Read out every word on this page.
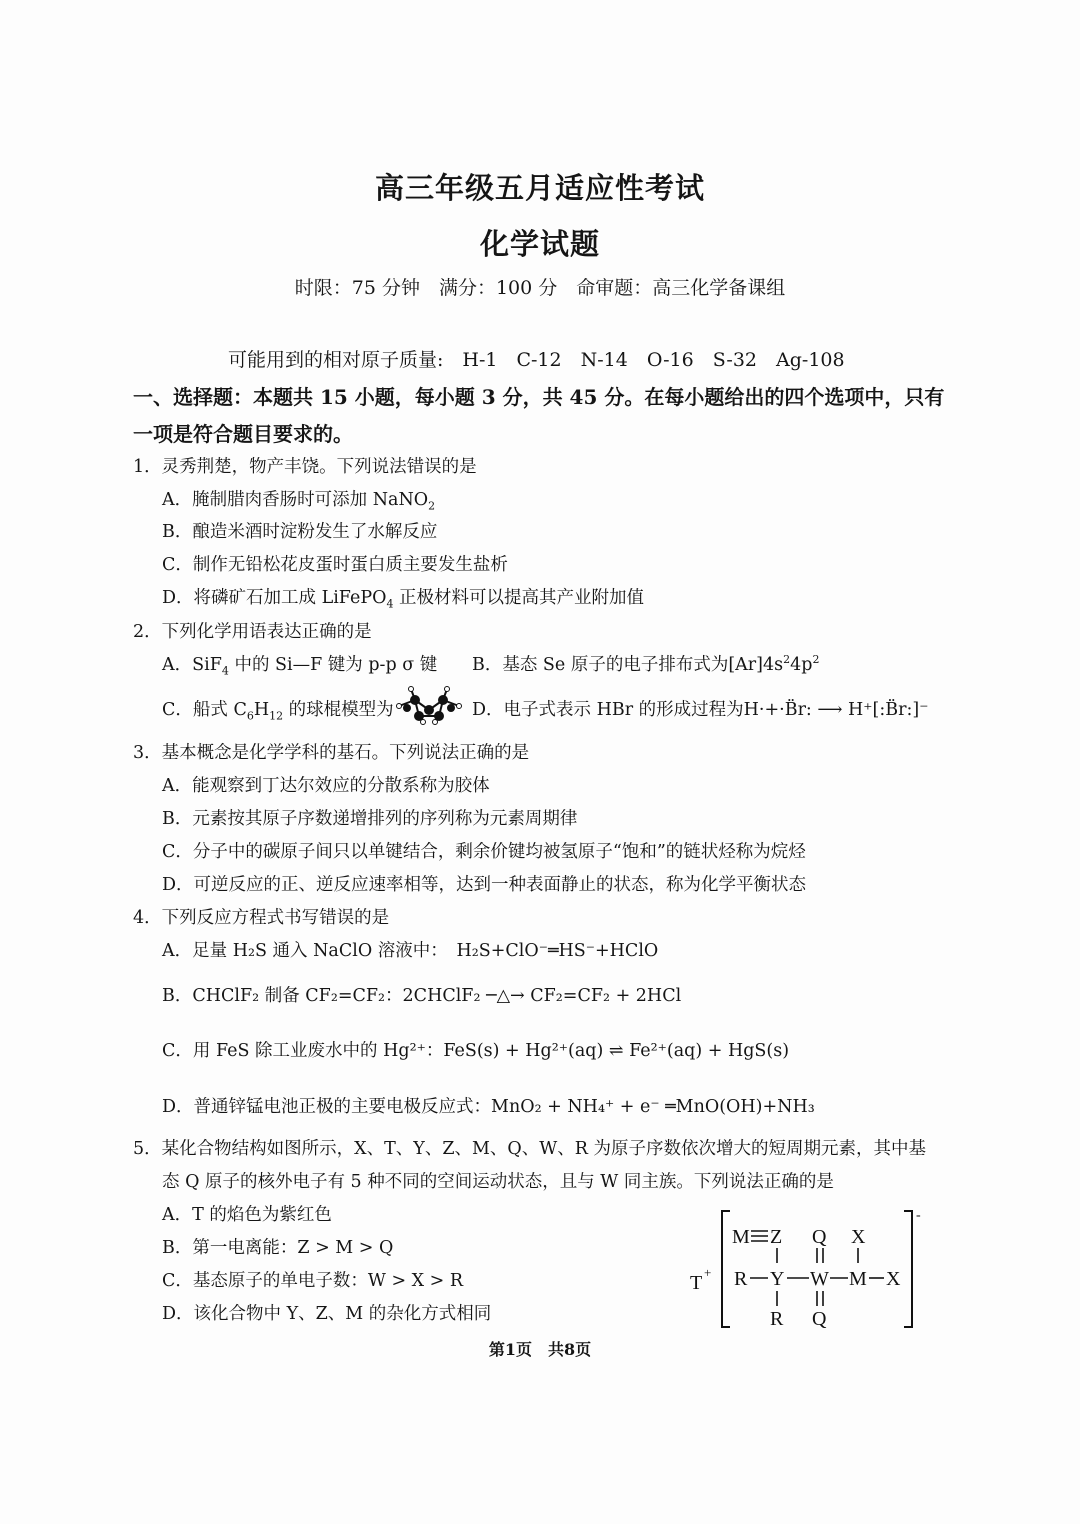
高三年级五月适应性考试
化学试题
时限：75 分钟　满分：100 分　命审题：高三化学备课组
可能用到的相对原子质量:　H-1　C-12　N-14　O-16　S-32　Ag-108
一、选择题：本题共 15 小题，每小题 3 分，共 45 分。在每小题给出的四个选项中，只有
一项是符合题目要求的。
1．灵秀荆楚，物产丰饶。下列说法错误的是
A．腌制腊肉香肠时可添加 NaNO$_2$
B．酿造米酒时淀粉发生了水解反应
C．制作无铅松花皮蛋时蛋白质主要发生盐析
D．将磷矿石加工成 LiFePO$_4$ 正极材料可以提高其产业附加值
2．下列化学用语表达正确的是
A．SiF$_4$ 中的 Si—F 键为 p-p σ 键 B．基态 Se 原子的电子排布式为$[Ar]4s^24p^2$
C．船式 $C_6H_{12}$ 的球棍模型为	D．电子式表示 HBr 的形成过程为H·+·B̈r: ⟶ H⁺[:B̈r:]⁻
3．基本概念是化学学科的基石。下列说法正确的是
A．能观察到丁达尔效应的分散系称为胶体
B．元素按其原子序数递增排列的序列称为元素周期律
C．分子中的碳原子间只以单键结合，剩余价键均被氢原子“饱和”的链状烃称为烷烃
D．可逆反应的正、逆反应速率相等，达到一种表面静止的状态，称为化学平衡状态
4．下列反应方程式书写错误的是
A．足量 H₂S 通入 NaClO 溶液中：　H₂S+ClO⁻═HS⁻+HClO
B．CHClF₂ 制备 CF₂=CF₂：2CHClF₂ ─△→ CF₂=CF₂ + 2HCl
C．用 FeS 除工业废水中的 Hg²⁺：FeS(s) + Hg²⁺(aq) ⇌ Fe²⁺(aq) + HgS(s)
D．普通锌锰电池正极的主要电极反应式：MnO₂ + NH₄⁺ + e⁻ ═MnO(OH)+NH₃
5．某化合物结构如图所示，X、T、Y、Z、M、Q、W、R 为原子序数依次增大的短周期元素，其中基
态 Q 原子的核外电子有 5 种不同的空间运动状态，且与 W 同主族。下列说法正确的是
A．T 的焰色为紫红色
B．第一电离能：Z > M > Q
C．基态原子的单电子数：W > X > R
D．该化合物中 Y、Z、M 的杂化方式相同
T +
-
M Z Q X
R Y W M X
R Q
第1页　共8页
